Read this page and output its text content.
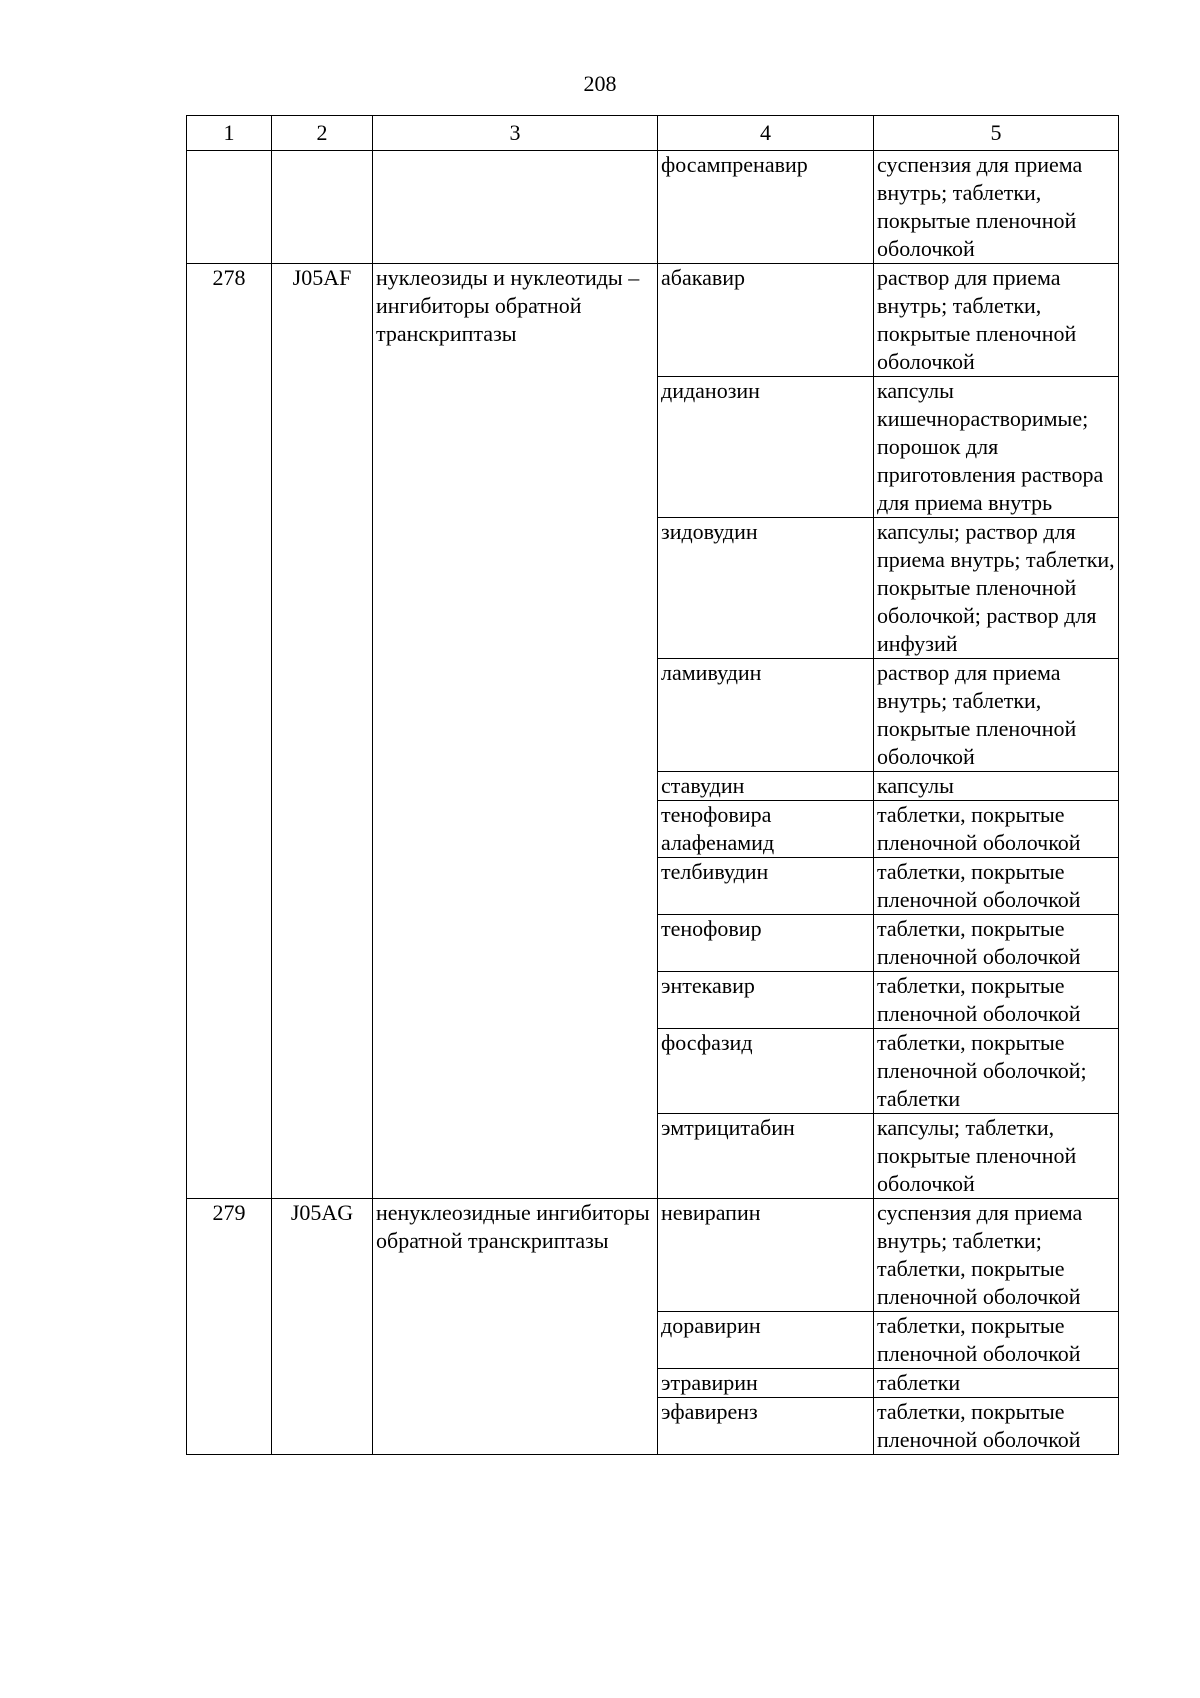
208
1	2	3	4	5
			фосампренавир	суспензия для приема внутрь; таблетки, покрытые пленочной оболочкой
278	J05AF	нуклеозиды и нуклеотиды – ингибиторы обратной транскриптазы	абакавир	раствор для приема внутрь; таблетки, покрытые пленочной оболочкой
			диданозин	капсулы кишечнорастворимые; порошок для приготовления раствора для приема внутрь
			зидовудин	капсулы; раствор для приема внутрь; таблетки, покрытые пленочной оболочкой; раствор для инфузий
			ламивудин	раствор для приема внутрь; таблетки, покрытые пленочной оболочкой
			ставудин	капсулы
			тенофовира алафенамид	таблетки, покрытые пленочной оболочкой
			телбивудин	таблетки, покрытые пленочной оболочкой
			тенофовир	таблетки, покрытые пленочной оболочкой
			энтекавир	таблетки, покрытые пленочной оболочкой
			фосфазид	таблетки, покрытые пленочной оболочкой; таблетки
			эмтрицитабин	капсулы; таблетки, покрытые пленочной оболочкой
279	J05AG	ненуклеозидные ингибиторы обратной транскриптазы	невирапин	суспензия для приема внутрь; таблетки; таблетки, покрытые пленочной оболочкой
			доравирин	таблетки, покрытые пленочной оболочкой
			этравирин	таблетки
			эфавиренз	таблетки, покрытые пленочной оболочкой
